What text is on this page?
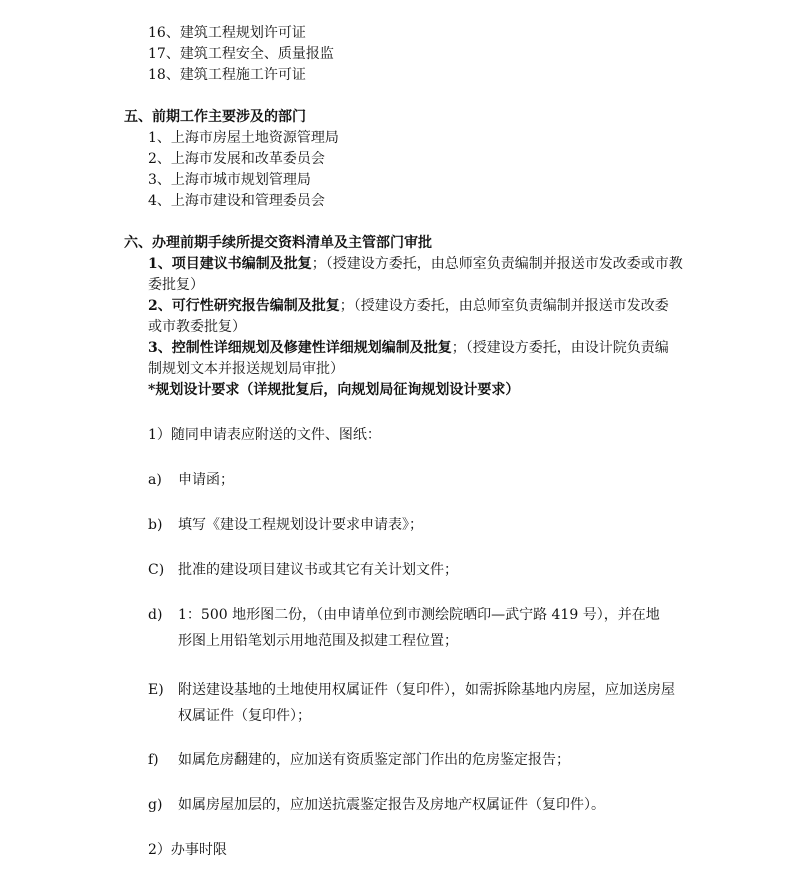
16、建筑工程规划许可证
17、建筑工程安全、质量报监
18、建筑工程施工许可证
五、前期工作主要涉及的部门
1、上海市房屋土地资源管理局
2、上海市发展和改革委员会
3、上海市城市规划管理局
4、上海市建设和管理委员会
六、办理前期手续所提交资料清单及主管部门审批
1、项目建议书编制及批复；（授建设方委托，由总师室负责编制并报送市发改委或市教
委批复）
2、可行性研究报告编制及批复；（授建设方委托，由总师室负责编制并报送市发改委
或市教委批复）
3、控制性详细规划及修建性详细规划编制及批复；（授建设方委托，由设计院负责编
制规划文本并报送规划局审批）
*规划设计要求（详规批复后，向规划局征询规划设计要求）
1）随同申请表应附送的文件、图纸：
a) 申请函；
b) 填写《建设工程规划设计要求申请表》；
C) 批准的建设项目建议书或其它有关计划文件；
d) 1：500 地形图二份，（由申请单位到市测绘院晒印—武宁路 419 号），并在地
形图上用铅笔划示用地范围及拟建工程位置；
E) 附送建设基地的土地使用权属证件（复印件），如需拆除基地内房屋，应加送房屋
权属证件（复印件）；
f) 如属危房翻建的，应加送有资质鉴定部门作出的危房鉴定报告；
g) 如属房屋加层的，应加送抗震鉴定报告及房地产权属证件（复印件）。
2）办事时限
